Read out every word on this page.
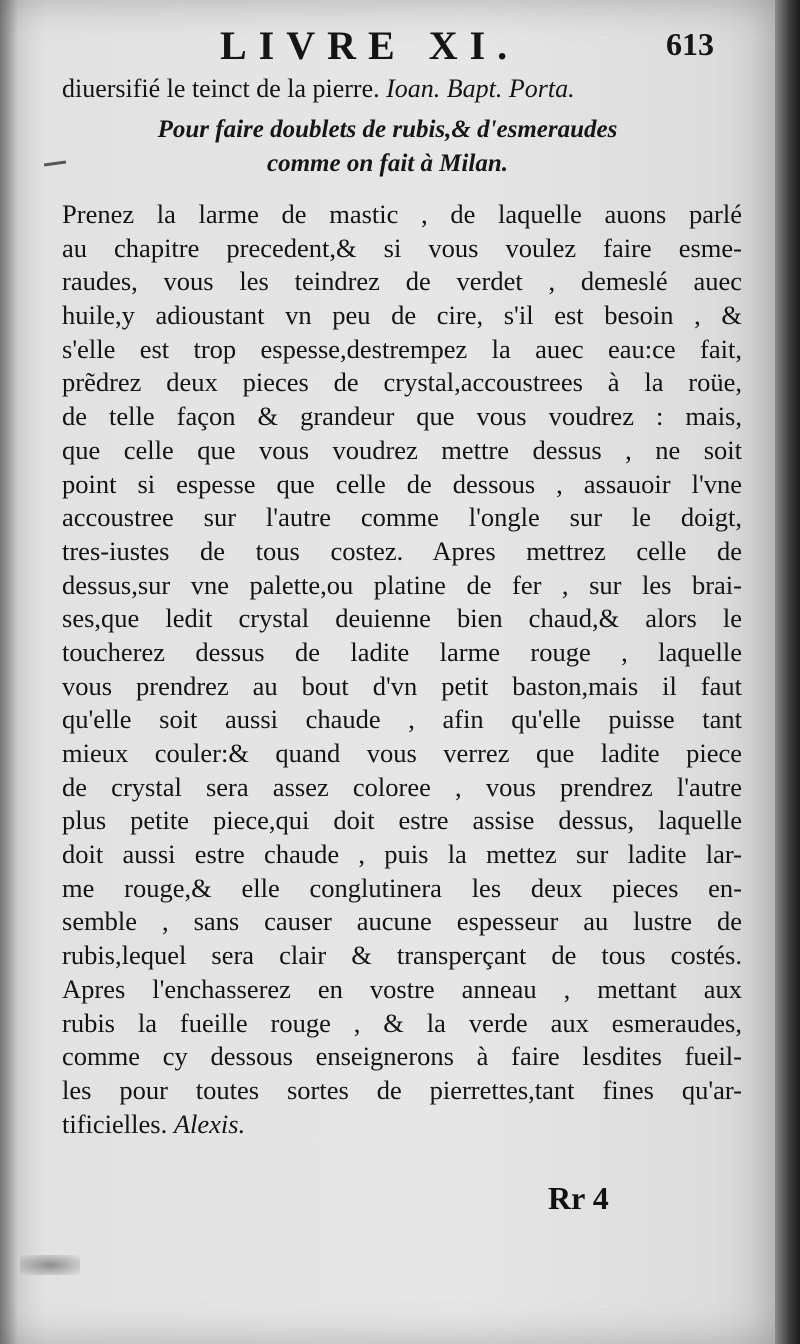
LIVRE XI.	613
diuersifié le teinct de la pierre. Ioan. Bapt. Porta.
Pour faire doublets de rubis,& d'esmeraudes
comme on fait à Milan.
Prenez la larme de mastic , de laquelle auons parlé
au chapitre precedent,& si vous voulez faire esme-
raudes, vous les teindrez de verdet , demeslé auec
huile,y adioustant vn peu de cire, s'il est besoin , &
s'elle est trop espesse,destrempez la auec eau:ce fait,
prẽdrez deux pieces de crystal,accoustrees à la roüe,
de telle façon & grandeur que vous voudrez : mais,
que celle que vous voudrez mettre dessus , ne soit
point si espesse que celle de dessous , assauoir l'vne
accoustree sur l'autre comme l'ongle sur le doigt,
tres-iustes de tous costez. Apres mettrez celle de
dessus,sur vne palette,ou platine de fer , sur les brai-
ses,que ledit crystal deuienne bien chaud,& alors le
toucherez dessus de ladite larme rouge , laquelle
vous prendrez au bout d'vn petit baston,mais il faut
qu'elle soit aussi chaude , afin qu'elle puisse tant
mieux couler:& quand vous verrez que ladite piece
de crystal sera assez coloree , vous prendrez l'autre
plus petite piece,qui doit estre assise dessus, laquelle
doit aussi estre chaude , puis la mettez sur ladite lar-
me rouge,& elle conglutinera les deux pieces en-
semble , sans causer aucune espesseur au lustre de
rubis,lequel sera clair & transperçant de tous costés.
Apres l'enchasserez en vostre anneau , mettant aux
rubis la fueille rouge , & la verde aux esmeraudes,
comme cy dessous enseignerons à faire lesdites fueil-
les pour toutes sortes de pierrettes,tant fines qu'ar-
tificielles. Alexis.
Rr 4
